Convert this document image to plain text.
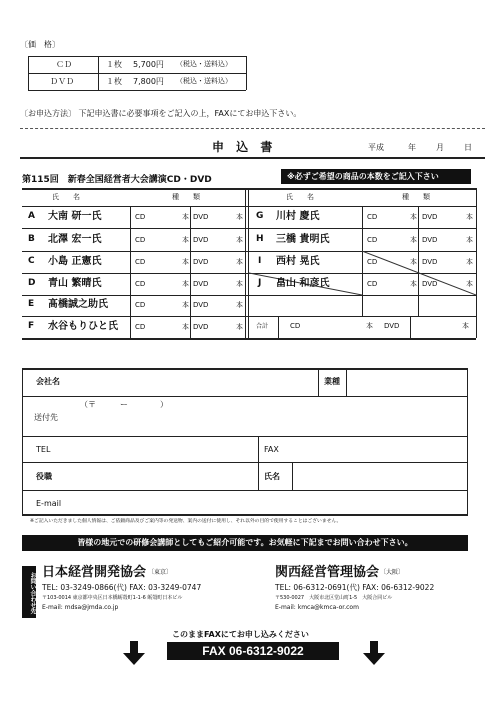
〔価　格〕
ＣＤ	１枚 5,700円 （税込・送料込）
ＤＶＤ	１枚 7,800円 （税込・送料込）
〔お申込方法〕 下記申込書に必要事項をご記入の上，FAXにてお申込下さい。
申 込 書	平成	年	月	日
第115回　新春全国経営者大会講演CD・DVD	※必ずご希望の商品の本数をご記入下さい
氏　　名	種　　類	氏　　名	種　　類
A 大南 研一氏	CD	本 DVD	本
B 北澤 宏一氏	CD	本 DVD	本
C 小島 正憲氏	CD	本 DVD	本
D 青山 繁晴氏	CD	本 DVD	本
E 髙橋誠之助氏	CD	本 DVD	本
F 水谷もりひと氏 CD	本 DVD	本
G 川村 慶氏	CD	本 DVD	本
H 三橋 貴明氏	CD	本 DVD	本
I 西村 晃氏	CD	本 DVD	本
J 畠山 和彦氏	CD	本 DVD	本
合計	CD	本 DVD	本
会社名	業種
（〒　　　ー　　　　）
送付先
TEL	FAX
役職	氏名
E-mail
※ご記入いただきました個人情報は、ご依頼商品及びご案内等の発送物、案内の送付に使用し、それ以外の目的で使用することはございません。
皆様の地元での研修会講師としてもご紹介可能です。お気軽に下記までお問い合わせ下さい。
お問い合わせ先 日本経営開発協会 〔東京〕
TEL: 03-3249-0866(代) FAX: 03-3249-0747
〒103-0014 東京都中央区日本橋蛎殻町1-1-6 蛎殻町日本ビル
E-mail: mdsa@jmda.co.jp
関西経営管理協会 〔大阪〕
TEL: 06-6312-0691(代) FAX: 06-6312-9022
〒530-0027　大阪市北区堂山町1-5　大阪合同ビル
E-mail: kmca@kmca-or.com
このままFAXにてお申し込みください
FAX 06-6312-9022
